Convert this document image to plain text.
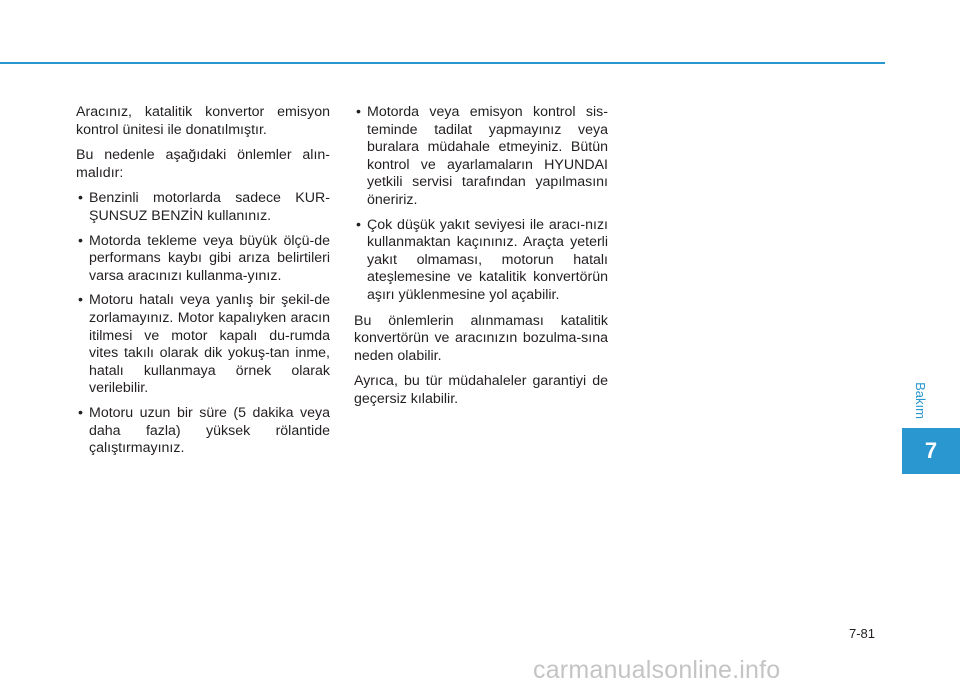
Aracınız, katalitik konvertor emisyon kontrol ünitesi ile donatılmıştır.

Bu nedenle aşağıdaki önlemler alın-malıdır:

• Benzinli motorlarda sadece KUR-ŞUNSUZ BENZİN kullanınız.
• Motorda tekleme veya büyük ölçü-de performans kaybı gibi arıza belirtileri varsa aracınızı kullanma-yınız.
• Motoru hatalı veya yanlış bir şekil-de zorlamayınız. Motor kapalıyken aracın itilmesi ve motor kapalı du-rumda vites takılı olarak dik yokuş-tan inme, hatalı kullanmaya örnek olarak verilebilir.
• Motoru uzun bir süre (5 dakika veya daha fazla) yüksek rölantide çalıştırmayınız.
• Motorda veya emisyon kontrol sis-teminde tadilat yapmayınız veya buralara müdahale etmeyiniz. Bütün kontrol ve ayarlamaların HYUNDAI yetkili servisi tarafından yapılmasını öneririz.
• Çok düşük yakıt seviyesi ile aracı-nızı kullanmaktan kaçınınız. Araçta yeterli yakıt olmaması, motorun hatalı ateşlemesine ve katalitik konvertörün aşırı yüklenmesine yol açabilir.

Bu önlemlerin alınmaması katalitik konvertörün ve aracınızın bozulma-sına neden olabilir.

Ayrıca, bu tür müdahaleler garantiyi de geçersiz kılabilir.	Bakım
7
7-81
carmanualsonline.info
